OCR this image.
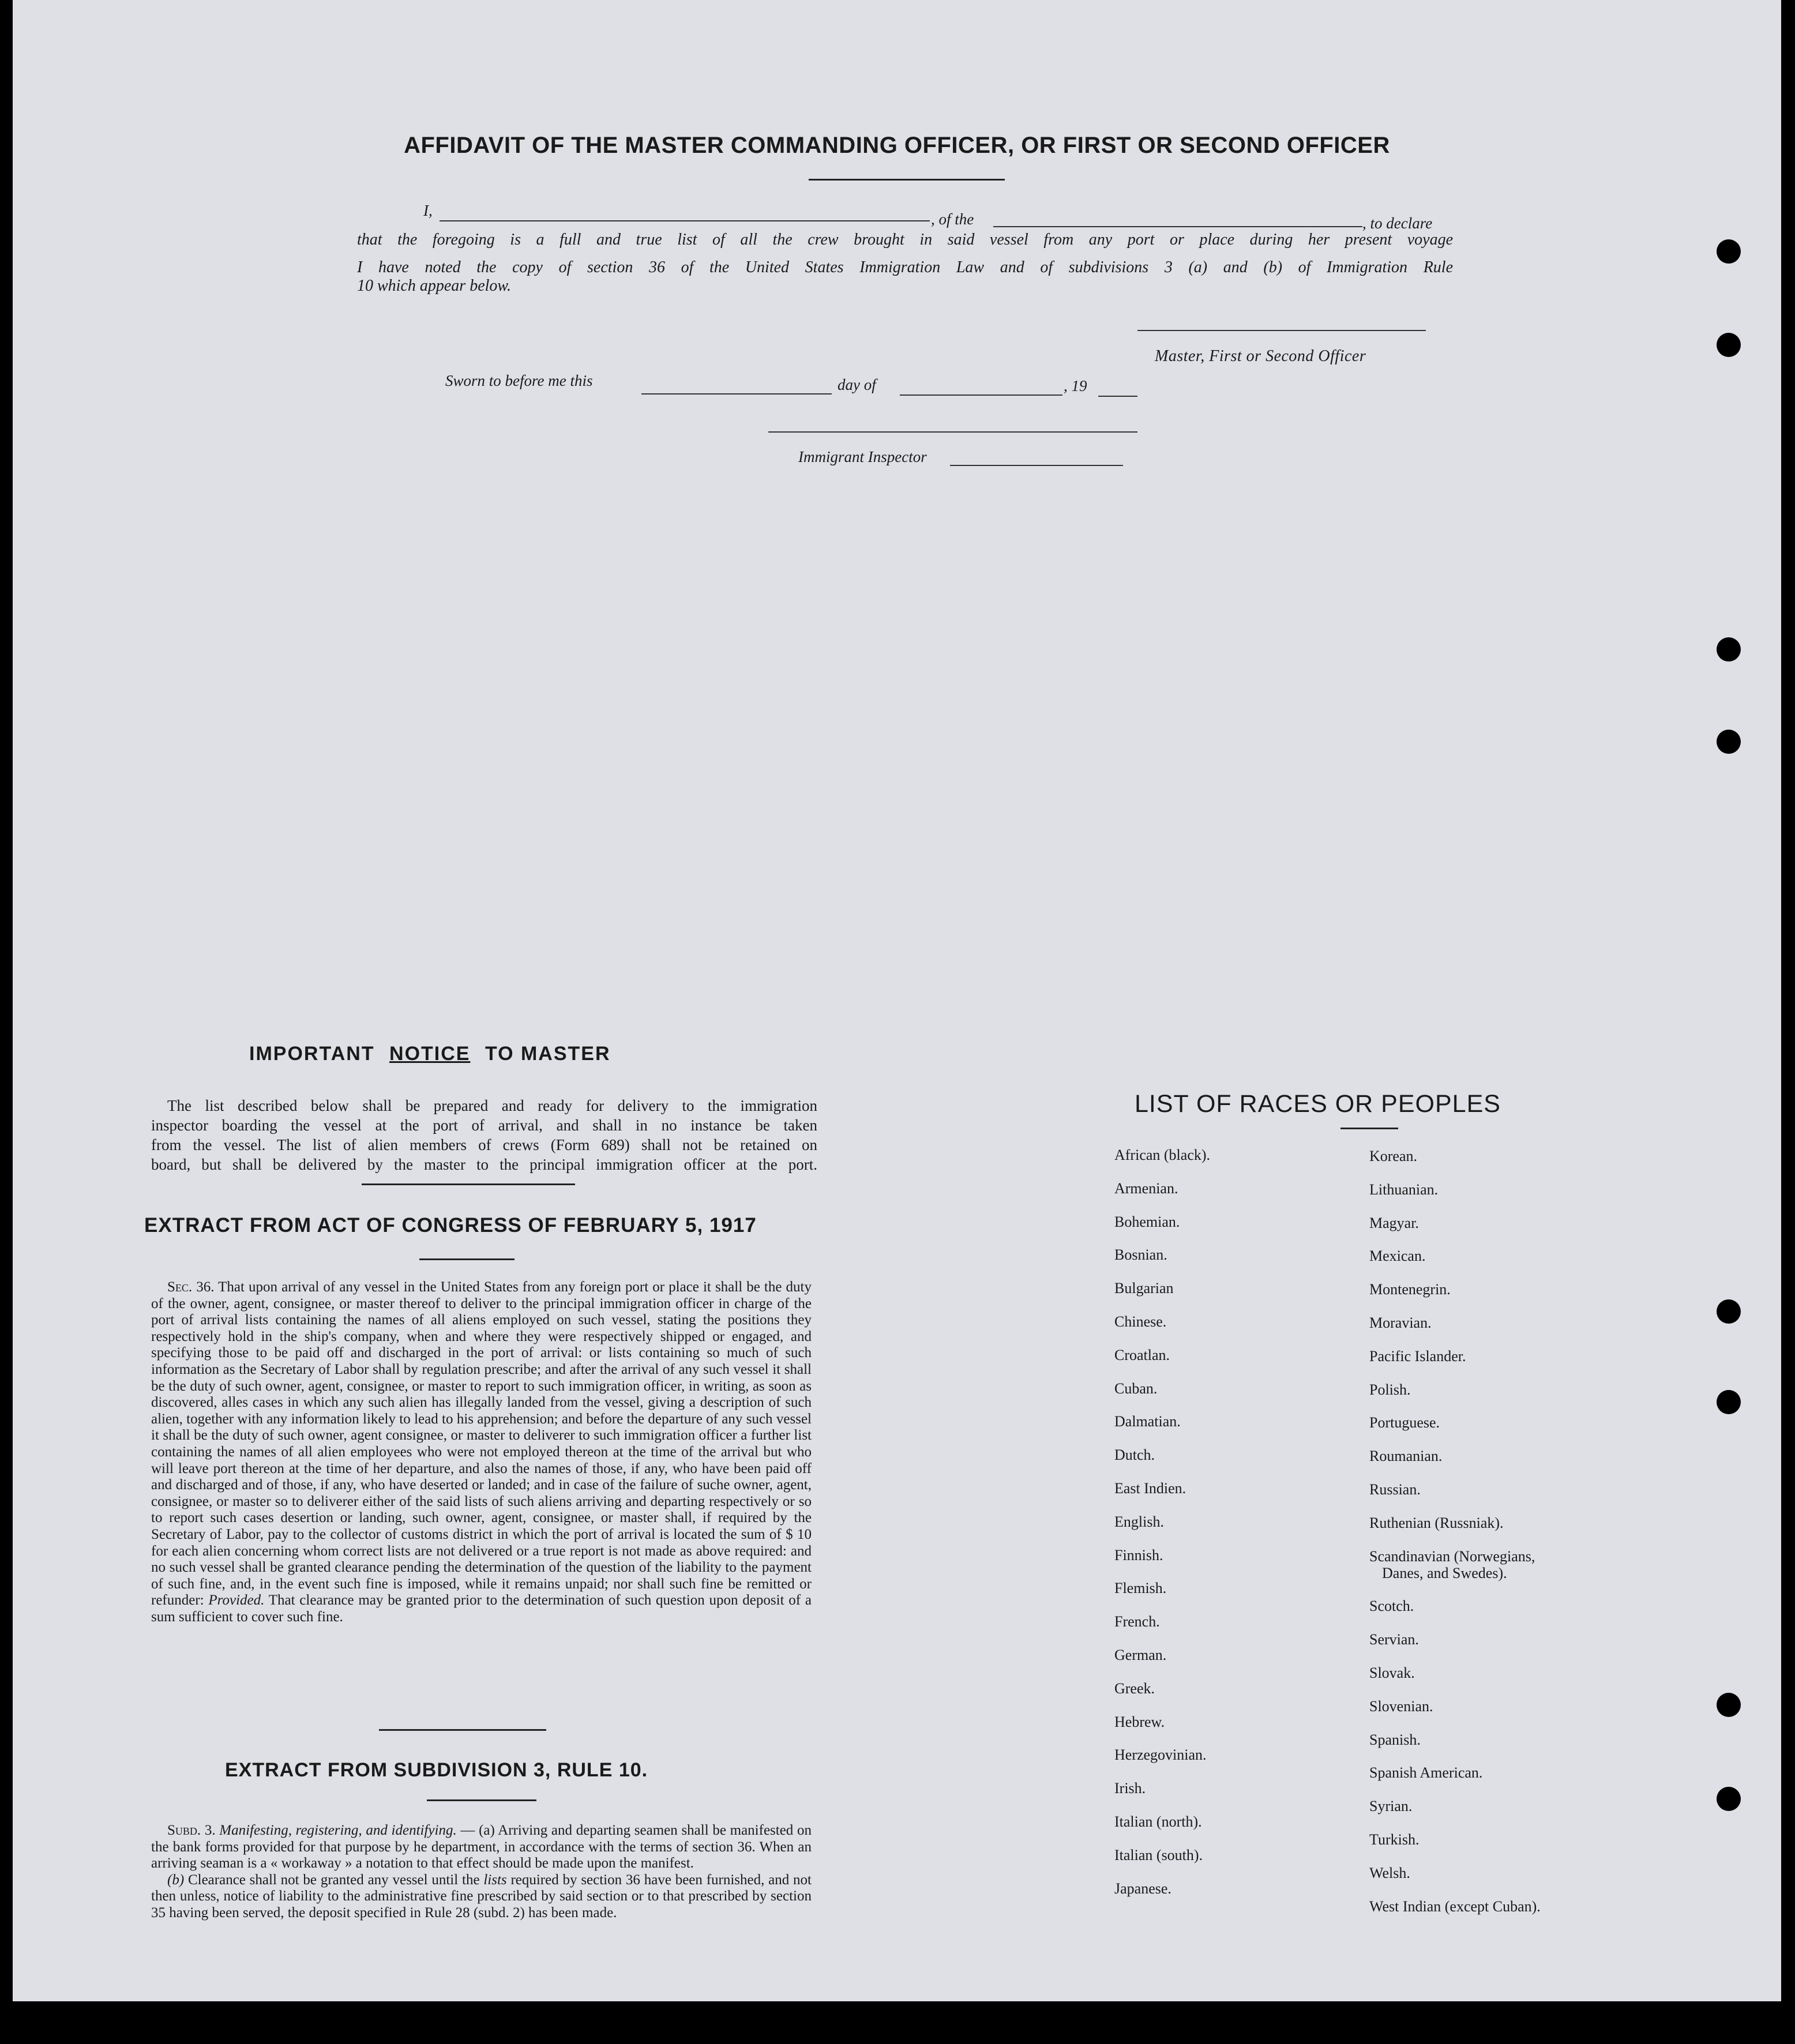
AFFIDAVIT OF THE MASTER COMMANDING OFFICER, OR FIRST OR SECOND OFFICER
I,	, of the	, to declare
that the foregoing is a full and true list of all the crew brought in said vessel from any port or place during her present voyage
I have noted the copy of section 36 of the United States Immigration Law and of subdivisions 3 (a) and (b) of Immigration Rule
10 which appear below.
Master, First or Second Officer
Sworn to before me this	day of	, 19
Immigrant Inspector
IMPORTANT NOTICE TO MASTER
The list described below shall be prepared and ready for delivery to the immigration
inspector boarding the vessel at the port of arrival, and shall in no instance be taken
from the vessel. The list of alien members of crews (Form 689) shall not be retained on
board, but shall be delivered by the master to the principal immigration officer at the port.
EXTRACT FROM ACT OF CONGRESS OF FEBRUARY 5, 1917
Sec. 36. That upon arrival of any vessel in the United States from any foreign port or place it shall be the duty of the owner, agent, consignee, or master thereof to deliver to the principal immigration officer in charge of the port of arrival lists containing the names of all aliens employed on such vessel, stating the positions they respectively hold in the ship's company, when and where they were respectively shipped or engaged, and specifying those to be paid off and discharged in the port of arrival: or lists containing so much of such information as the Secretary of Labor shall by regulation prescribe; and after the arrival of any such vessel it shall be the duty of such owner, agent, consignee, or master to report to such immigration officer, in writing, as soon as discovered, alles cases in which any such alien has illegally landed from the vessel, giving a description of such alien, together with any information likely to lead to his apprehension; and before the departure of any such vessel it shall be the duty of such owner, agent consignee, or master to deliverer to such immigration officer a further list containing the names of all alien employees who were not employed thereon at the time of the arrival but who will leave port thereon at the time of her departure, and also the names of those, if any, who have been paid off and discharged and of those, if any, who have deserted or landed; and in case of the failure of suche owner, agent, consignee, or master so to deliverer either of the said lists of such aliens arriving and departing respectively or so to report such cases desertion or landing, such owner, agent, consignee, or master shall, if required by the Secretary of Labor, pay to the collector of customs district in which the port of arrival is located the sum of $ 10 for each alien concerning whom correct lists are not delivered or a true report is not made as above required: and no such vessel shall be granted clearance pending the determination of the question of the liability to the payment of such fine, and, in the event such fine is imposed, while it remains unpaid; nor shall such fine be remitted or refunder: Provided. That clearance may be granted prior to the determination of such question upon deposit of a sum sufficient to cover such fine.
EXTRACT FROM SUBDIVISION 3, RULE 10.
Subd. 3. Manifesting, registering, and identifying. — (a) Arriving and departing seamen shall be manifested on the bank forms provided for that purpose by he department, in accordance with the terms of section 36. When an arriving seaman is a « workaway » a notation to that effect should be made upon the manifest.
(b) Clearance shall not be granted any vessel until the lists required by section 36 have been furnished, and not then unless, notice of liability to the administrative fine prescribed by said section or to that prescribed by section 35 having been served, the deposit specified in Rule 28 (subd. 2) has been made.
LIST OF RACES OR PEOPLES
African (black).
Armenian.
Bohemian.
Bosnian.
Bulgarian
Chinese.
Croatlan.
Cuban.
Dalmatian.
Dutch.
East Indien.
English.
Finnish.
Flemish.
French.
German.
Greek.
Hebrew.
Herzegovinian.
Irish.
Italian (north).
Italian (south).
Japanese.
Korean.
Lithuanian.
Magyar.
Mexican.
Montenegrin.
Moravian.
Pacific Islander.
Polish.
Portuguese.
Roumanian.
Russian.
Ruthenian (Russniak).
Scandinavian (Norwegians,
Danes, and Swedes).
Scotch.
Servian.
Slovak.
Slovenian.
Spanish.
Spanish American.
Syrian.
Turkish.
Welsh.
West Indian (except Cuban).
